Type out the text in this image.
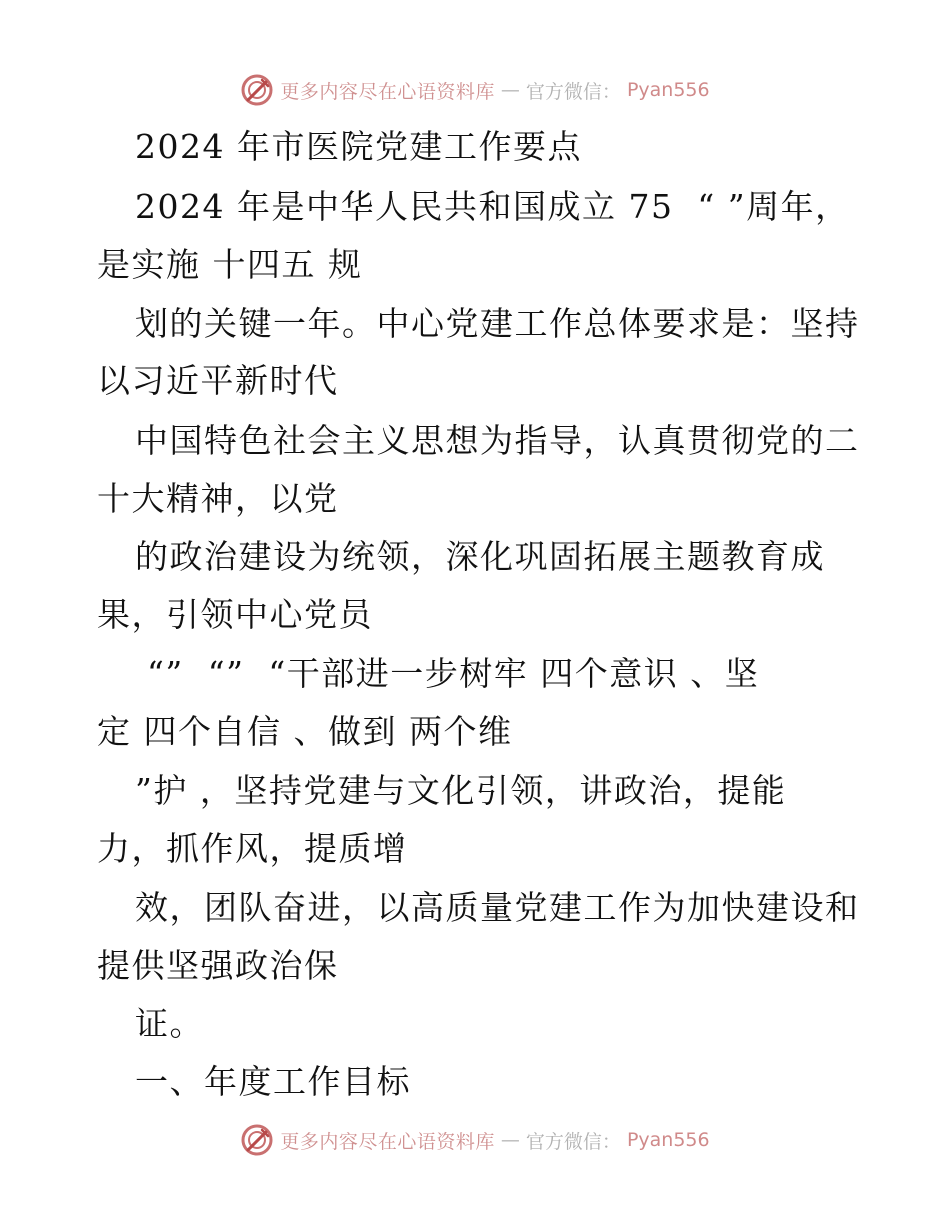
更多内容尽在心语资料库 — 官方微信： Pyan556
2024 年市医院党建工作要点
2024 年是中华人民共和国成立 75  “ ”周年，
是实施 十四五 规
划的关键一年。中心党建工作总体要求是：坚持
以习近平新时代
中国特色社会主义思想为指导，认真贯彻党的二
十大精神，以党
的政治建设为统领，深化巩固拓展主题教育成
果，引领中心党员
“”  “”  “干部进一步树牢 四个意识 、坚
定 四个自信 、做到 两个维
”护 ，坚持党建与文化引领，讲政治，提能
力，抓作风，提质增
效，团队奋进，以高质量党建工作为加快建设和
提供坚强政治保
证。
一、年度工作目标
更多内容尽在心语资料库 — 官方微信： Pyan556
